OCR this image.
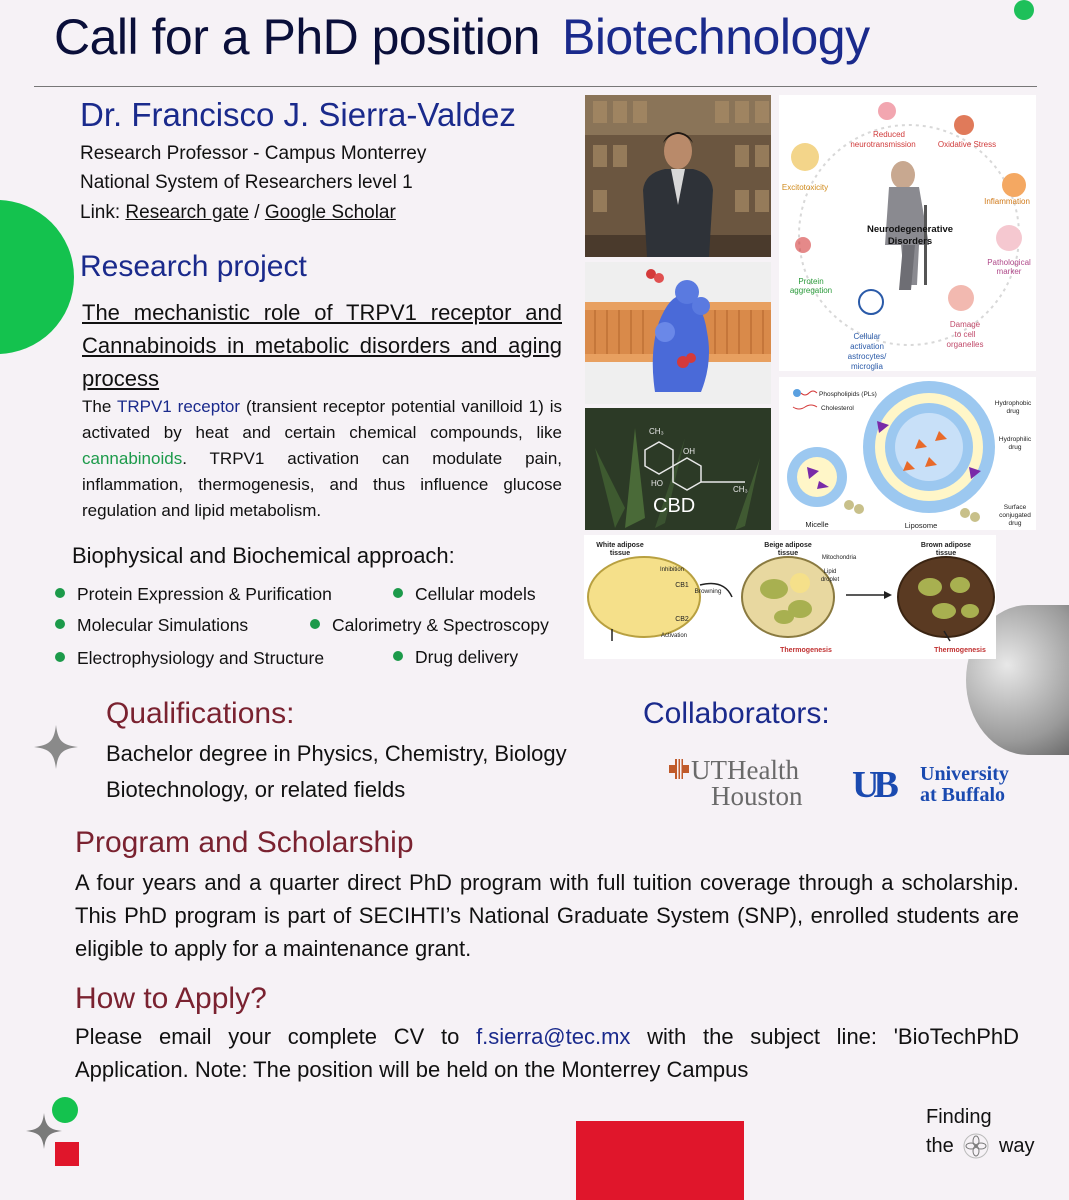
Call for a PhD position Biotechnology
Dr. Francisco J. Sierra-Valdez
Research Professor - Campus Monterrey
National System of Researchers level 1
Link: Research gate / Google Scholar
Research project
The mechanistic role of TRPV1 receptor and Cannabinoids in metabolic disorders and aging process
The TRPV1 receptor (transient receptor potential vanilloid 1) is activated by heat and certain chemical compounds, like cannabinoids. TRPV1 activation can modulate pain, inflammation, thermogenesis, and thus influence glucose regulation and lipid metabolism.
Biophysical and Biochemical approach:
Protein Expression & Purification	Cellular models
Molecular Simulations	Calorimetry & Spectroscopy
Electrophysiology and Structure	Drug delivery
Reduced
neurotransmission	Oxidative Stress
Excitotoxicity
Inflammation
Neurodegenerative
Disorders
Pathological
marker
Protein
aggregation
Damage
to cell
organelles
Cellular
activation
astrocytes/
microglia
CH₃
OH
HO
CH₃
CBD
Phospholipids (PLs)
Cholesterol
Hydrophobic
drug
Hydrophilic
drug
Surface
conjugated
drug
Micelle	Liposome
White adipose
tissue
Beige adipose
tissue
Brown adipose
tissue
Inhibition
CB1
CB2
Activation
Browning
Mitochondria
Lipid
droplet
Thermogenesis	Thermogenesis
Qualifications:
Bachelor degree in Physics, Chemistry, Biology
Biotechnology, or related fields
Collaborators:
UTHealth
Houston UB University
at Buffalo
Program and Scholarship
A four years and a quarter direct PhD program with full tuition coverage through a scholarship. This PhD program is part of SECIHTI’s National Graduate System (SNP), enrolled students are eligible to apply for a maintenance grant.
How to Apply?
Please email your complete CV to f.sierra@tec.mx with the subject line: 'BioTechPhD Application. Note: The position will be held on the Monterrey Campus
Finding
the way
